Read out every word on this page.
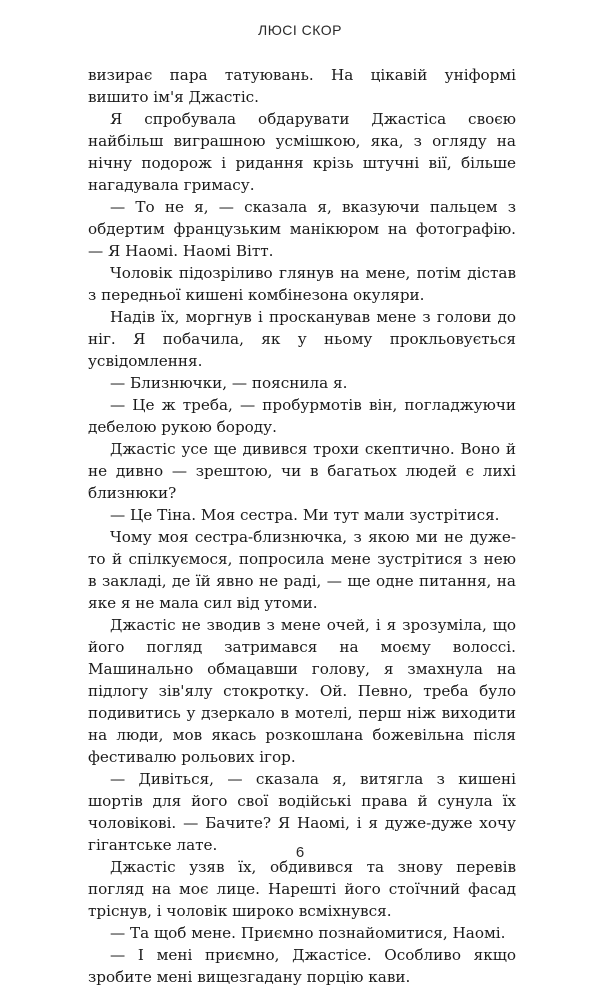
ЛЮСІ СКОР

визирає пара татуювань. На цікавій уніформі вишито ім'я Джастіс.

Я спробувала обдарувати Джастіса своєю найбільш виграшною усмішкою, яка, з огляду на нічну подорож і ридання крізь штучні вії, більше нагадувала гримасу.

— То не я, — сказала я, вказуючи пальцем з обдертим французьким манікюром на фотографію. — Я Наомі. Наомі Вітт.

Чоловік підозріливо глянув на мене, потім дістав з передньої кишені комбінезона окуляри.

Надів їх, моргнув і просканував мене з голови до ніг. Я побачила, як у ньому прокльовується усвідомлення.

— Близнючки, — пояснила я.

— Це ж треба, — пробурмотів він, погладжуючи дебелою рукою бороду.

Джастіс усе ще дивився трохи скептично. Воно й не дивно — зрештою, чи в багатьох людей є лихі близнюки?

— Це Тіна. Моя сестра. Ми тут мали зустрітися.

Чому моя сестра-близнючка, з якою ми не дуже-то й спілкуємося, попросила мене зустрітися з нею в закладі, де їй явно не раді, — ще одне питання, на яке я не мала сил від утоми.

Джастіс не зводив з мене очей, і я зрозуміла, що його погляд затримався на моєму волоссі. Машинально обмацавши голову, я змахнула на підлогу зів'ялу стокротку. Ой. Певно, треба було подивитись у дзеркало в мотелі, перш ніж виходити на люди, мов якась розкошлана божевільна після фестивалю рольових ігор.

— Дивіться, — сказала я, витягла з кишені шортів для його свої водійські права й сунула їх чоловікові. — Бачите? Я Наомі, і я дуже-дуже хочу гігантське лате.

Джастіс узяв їх, обдивився та знову перевів погляд на моє лице. Нарешті його стоїчний фасад тріснув, і чоловік широко всміхнувся.

— Та щоб мене. Приємно познайомитися, Наомі.

— І мені приємно, Джастісе. Особливо якщо зробите мені вищезгадану порцію кави.

6
